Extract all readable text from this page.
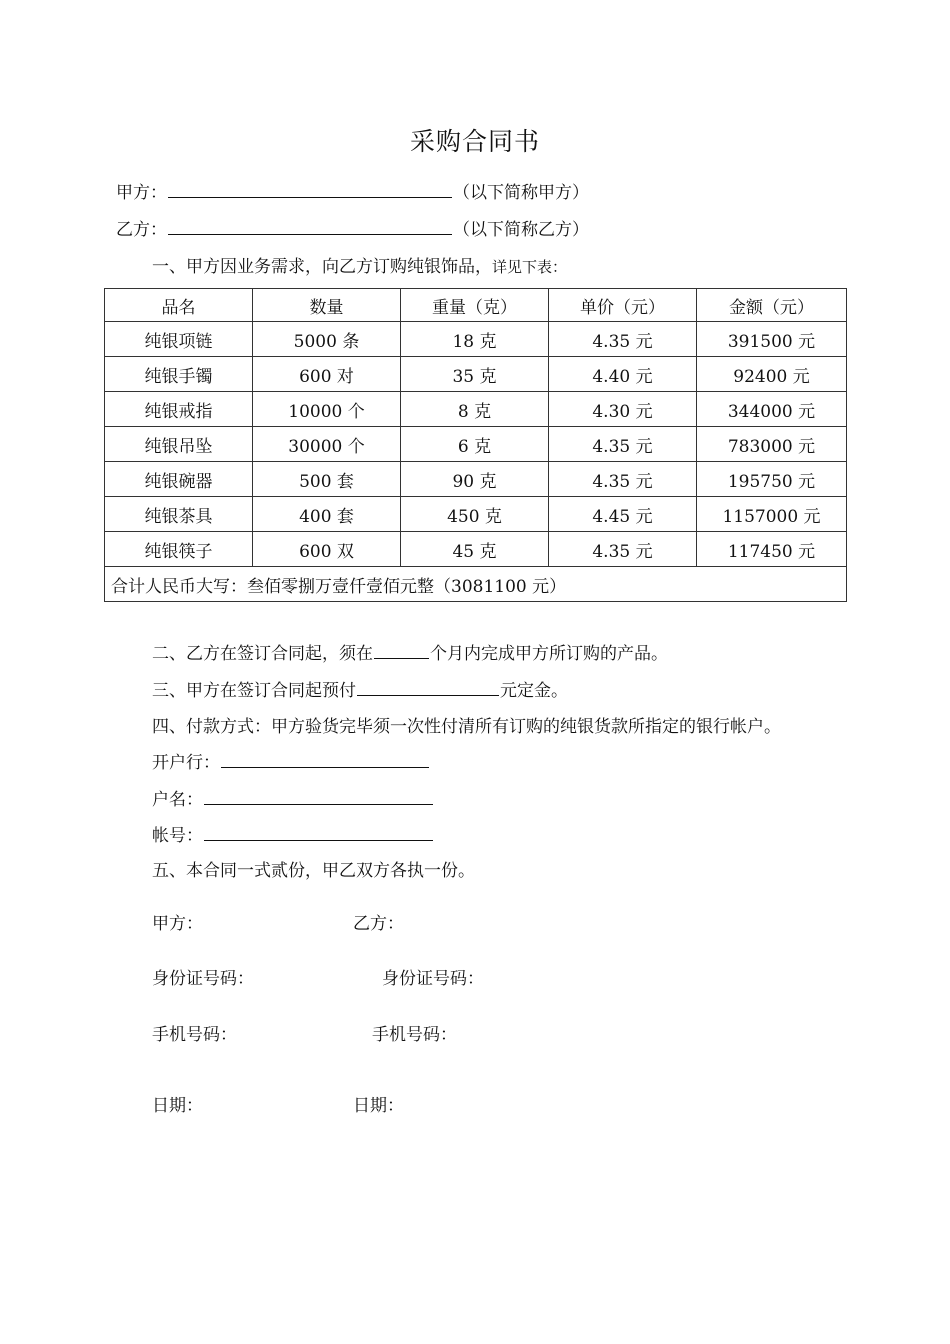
采购合同书
甲方：	（以下简称甲方）
乙方：	（以下简称乙方）
一、甲方因业务需求，向乙方订购纯银饰品，详见下表：
品名	数量	重量（克）	单价（元）	金额（元）
纯银项链	5000 条	18 克	4.35 元	391500 元
纯银手镯	600 对	35 克	4.40 元	92400 元
纯银戒指	10000 个	8 克	4.30 元	344000 元
纯银吊坠	30000 个	6 克	4.35 元	783000 元
纯银碗器	500 套	90 克	4.35 元	195750 元
纯银茶具	400 套	450 克	4.45 元	1157000 元
纯银筷子	600 双	45 克	4.35 元	117450 元
合计人民币大写：叁佰零捌万壹仟壹佰元整（3081100 元）				
二、乙方在签订合同起，须在	个月内完成甲方所订购的产品。
三、甲方在签订合同起预付	元定金。
四、付款方式：甲方验货完毕须一次性付清所有订购的纯银货款所指定的银行帐户。
开户行：
户名：
帐号：
五、本合同一式贰份，甲乙双方各执一份。
甲方：	乙方：
身份证号码：	身份证号码：
手机号码：	手机号码：
日期：	日期：
